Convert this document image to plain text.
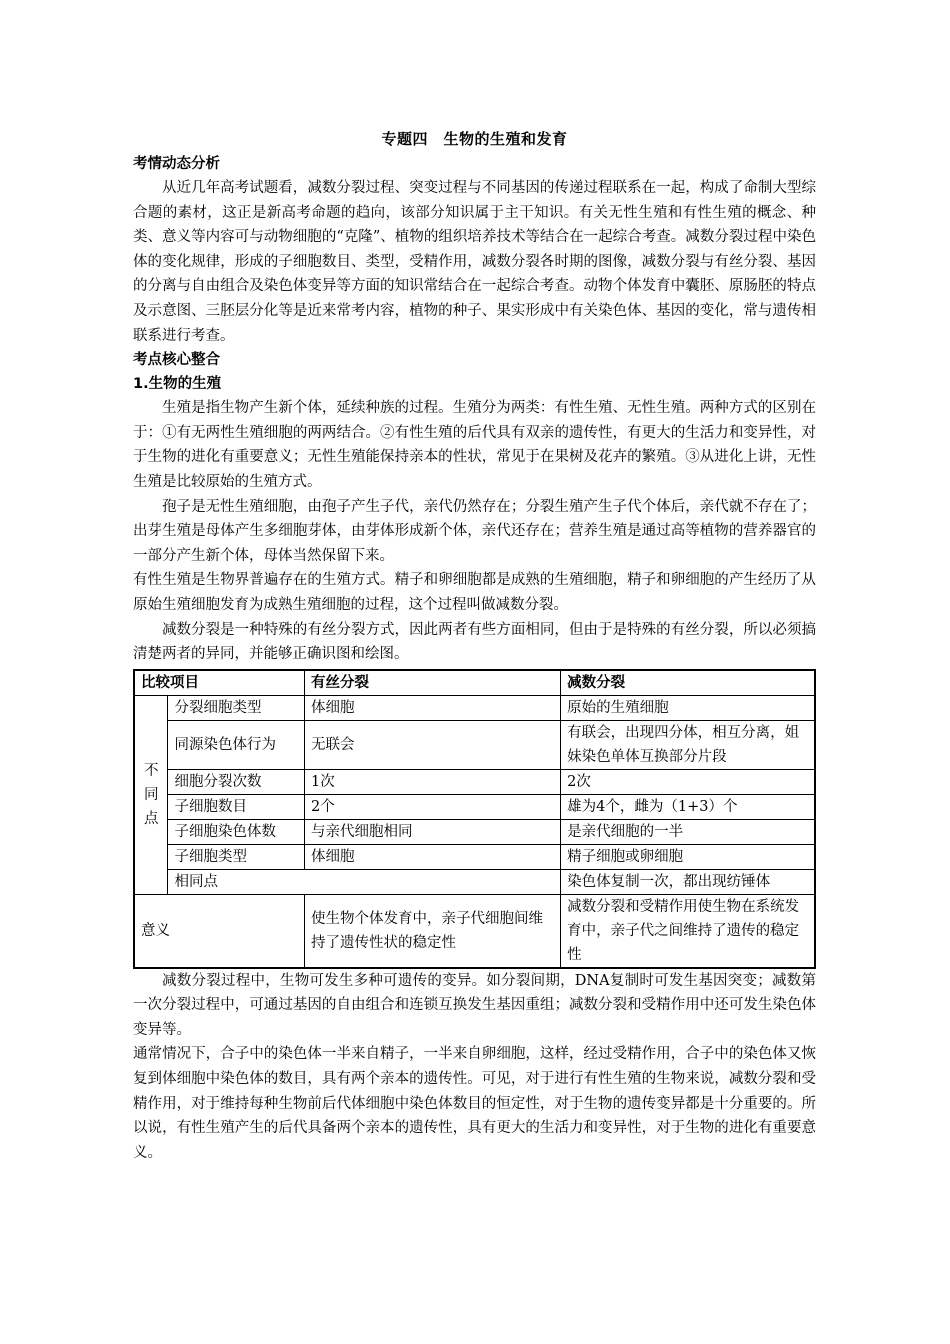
专题四　生物的生殖和发育
考情动态分析

从近几年高考试题看，减数分裂过程、突变过程与不同基因的传递过程联系在一起，构成了命制大型综合题的素材，这正是新高考命题的趋向，该部分知识属于主干知识。有关无性生殖和有性生殖的概念、种类、意义等内容可与动物细胞的“克隆”、植物的组织培养技术等结合在一起综合考查。减数分裂过程中染色体的变化规律，形成的子细胞数目、类型，受精作用，减数分裂各时期的图像，减数分裂与有丝分裂、基因的分离与自由组合及染色体变异等方面的知识常结合在一起综合考查。动物个体发育中囊胚、原肠胚的特点及示意图、三胚层分化等是近来常考内容，植物的种子、果实形成中有关染色体、基因的变化，常与遗传相联系进行考查。

考点核心整合
1.生物的生殖

生殖是指生物产生新个体，延续种族的过程。生殖分为两类：有性生殖、无性生殖。两种方式的区别在于：①有无两性生殖细胞的两两结合。②有性生殖的后代具有双亲的遗传性，有更大的生活力和变异性，对于生物的进化有重要意义；无性生殖能保持亲本的性状，常见于在果树及花卉的繁殖。③从进化上讲，无性生殖是比较原始的生殖方式。

孢子是无性生殖细胞，由孢子产生子代，亲代仍然存在；分裂生殖产生子代个体后，亲代就不存在了；出芽生殖是母体产生多细胞芽体，由芽体形成新个体，亲代还存在；营养生殖是通过高等植物的营养器官的一部分产生新个体，母体当然保留下来。

有性生殖是生物界普遍存在的生殖方式。精子和卵细胞都是成熟的生殖细胞，精子和卵细胞的产生经历了从原始生殖细胞发育为成熟生殖细胞的过程，这个过程叫做减数分裂。

减数分裂是一种特殊的有丝分裂方式，因此两者有些方面相同，但由于是特殊的有丝分裂，所以必须搞清楚两者的异同，并能够正确识图和绘图。

比较项目		有丝分裂	减数分裂

不
同
点	分裂细胞类型	体细胞	原始的生殖细胞
	同源染色体行为	无联会	有联会，出现四分体，相互分离，姐妹染色单体互换部分片段
	细胞分裂次数	1次	2次
	子细胞数目	2个	雄为4个，雌为（1+3）个
	子细胞染色体数	与亲代细胞相同	是亲代细胞的一半
	子细胞类型	体细胞	精子细胞或卵细胞
	相同点		染色体复制一次，都出现纺锤体
意义		使生物个体发育中，亲子代细胞间维持了遗传性状的稳定性	减数分裂和受精作用使生物在系统发育中，亲子代之间维持了遗传的稳定性

减数分裂过程中，生物可发生多种可遗传的变异。如分裂间期，DNA复制时可发生基因突变；减数第一次分裂过程中，可通过基因的自由组合和连锁互换发生基因重组；减数分裂和受精作用中还可发生染色体变异等。

通常情况下，合子中的染色体一半来自精子，一半来自卵细胞，这样，经过受精作用，合子中的染色体又恢复到体细胞中染色体的数目，具有两个亲本的遗传性。可见，对于进行有性生殖的生物来说，减数分裂和受精作用，对于维持每种生物前后代体细胞中染色体数目的恒定性，对于生物的遗传变异都是十分重要的。所以说，有性生殖产生的后代具备两个亲本的遗传性，具有更大的生活力和变异性，对于生物的进化有重要意义。
